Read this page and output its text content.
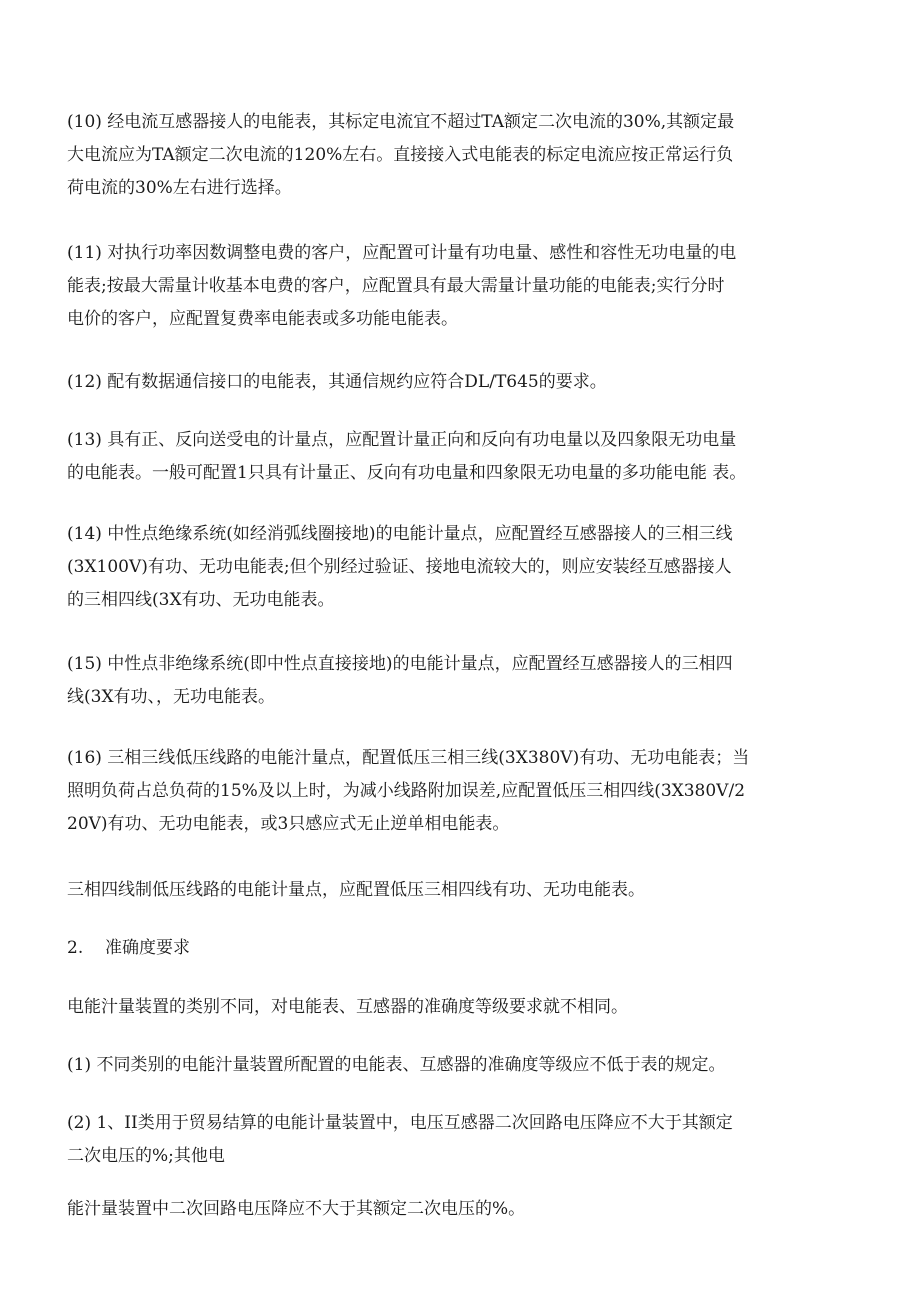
(10) 经电流互感器接人的电能表，其标定电流宜不超过TA额定二次电流的30%,其额定最
大电流应为TA额定二次电流的120%左右。直接接入式电能表的标定电流应按正常运行负
荷电流的30%左右进行选择。
(11) 对执行功率因数调整电费的客户，应配置可计量有功电量、感性和容性无功电量的电
能表;按最大需量计收基本电费的客户，应配置具有最大需量计量功能的电能表;实行分时
电价的客户，应配置复费率电能表或多功能电能表。
(12) 配有数据通信接口的电能表，其通信规约应符合DL/T645的要求。
(13) 具有正、反向送受电的计量点，应配置计量正向和反向有功电量以及四象限无功电量
的电能表。一般可配置1只具有计量正、反向有功电量和四象限无功电量的多功能电能 表。
(14) 中性点绝缘系统(如经消弧线圈接地)的电能计量点，应配置经互感器接人的三相三线
(3X100V)有功、无功电能表;但个别经过验证、接地电流较大的，则应安装经互感器接人
的三相四线(3X有功、无功电能表。
(15) 中性点非绝缘系统(即中性点直接接地)的电能计量点，应配置经互感器接人的三相四
线(3X有功、，无功电能表。
(16) 三相三线低压线路的电能汁量点，配置低压三相三线(3X380V)有功、无功电能表；当
照明负荷占总负荷的15%及以上时，为减小线路附加误差,应配置低压三相四线(3X380V/2
20V)有功、无功电能表，或3只感应式无止逆单相电能表。
三相四线制低压线路的电能计量点，应配置低压三相四线有功、无功电能表。
2. 准确度要求
电能汁量装置的类别不同，对电能表、互感器的准确度等级要求就不相同。
(1) 不同类别的电能汁量装置所配置的电能表、互感器的准确度等级应不低于表的规定。
(2) 1、II类用于贸易结算的电能计量装置中，电压互感器二次回路电压降应不大于其额定
二次电压的%;其他电
能汁量装置中二次回路电压降应不大于其额定二次电压的%。
